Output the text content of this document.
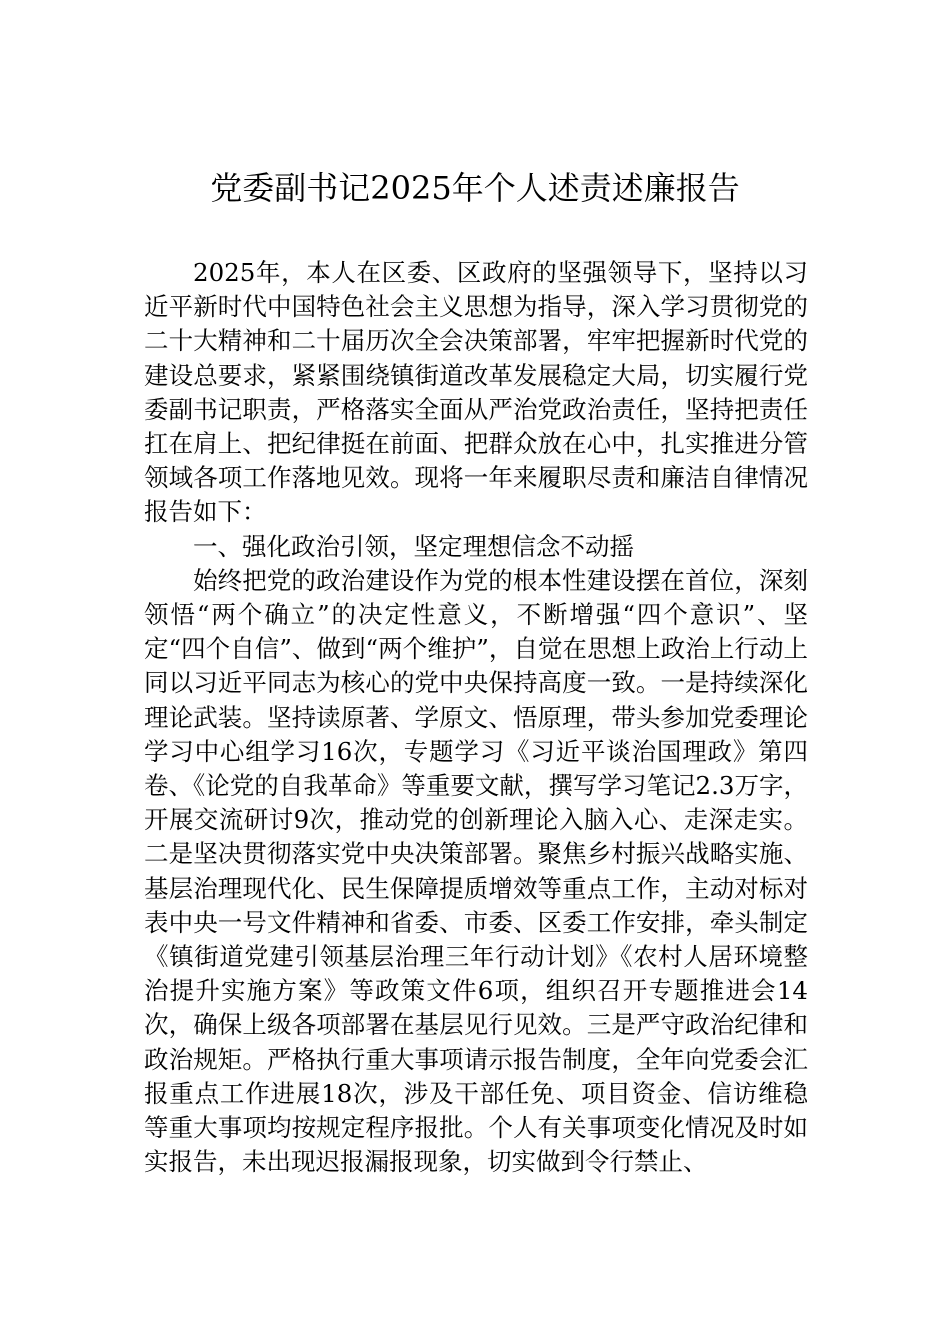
党委副书记2025年个人述责述廉报告

2025年，本人在区委、区政府的坚强领导下，坚持以习近平新时代中国特色社会主义思想为指导，深入学习贯彻党的二十大精神和二十届历次全会决策部署，牢牢把握新时代党的建设总要求，紧紧围绕镇街道改革发展稳定大局，切实履行党委副书记职责，严格落实全面从严治党政治责任，坚持把责任扛在肩上、把纪律挺在前面、把群众放在心中，扎实推进分管领域各项工作落地见效。现将一年来履职尽责和廉洁自律情况报告如下：

一、强化政治引领，坚定理想信念不动摇

始终把党的政治建设作为党的根本性建设摆在首位，深刻领悟“两个确立”的决定性意义，不断增强“四个意识”、坚定“四个自信”、做到“两个维护”，自觉在思想上政治上行动上同以习近平同志为核心的党中央保持高度一致。一是持续深化理论武装。坚持读原著、学原文、悟原理，带头参加党委理论学习中心组学习16次，专题学习《习近平谈治国理政》第四卷、《论党的自我革命》等重要文献，撰写学习笔记2.3万字，开展交流研讨9次，推动党的创新理论入脑入心、走深走实。二是坚决贯彻落实党中央决策部署。聚焦乡村振兴战略实施、基层治理现代化、民生保障提质增效等重点工作，主动对标对表中央一号文件精神和省委、市委、区委工作安排，牵头制定《镇街道党建引领基层治理三年行动计划》《农村人居环境整治提升实施方案》等政策文件6项，组织召开专题推进会14次，确保上级各项部署在基层见行见效。三是严守政治纪律和政治规矩。严格执行重大事项请示报告制度，全年向党委会汇报重点工作进展18次，涉及干部任免、项目资金、信访维稳等重大事项均按规定程序报批。个人有关事项变化情况及时如实报告，未出现迟报漏报现象，切实做到令行禁止、
